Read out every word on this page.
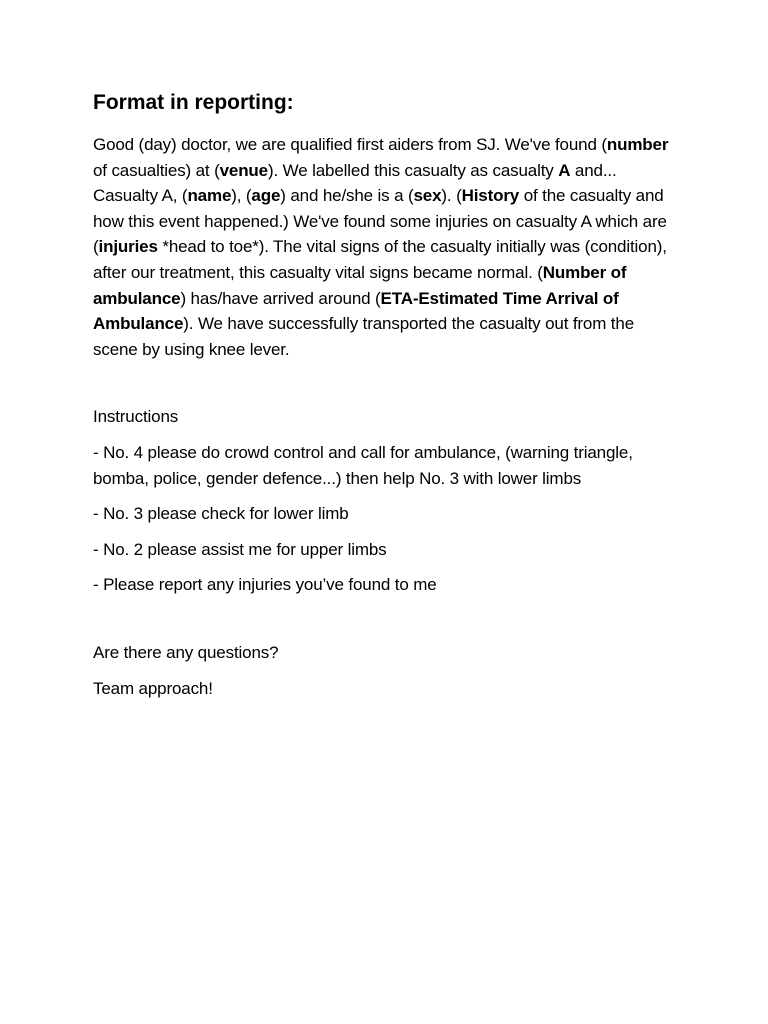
Format in reporting:

Good (day) doctor, we are qualified first aiders from SJ. We've found (number of casualties) at (venue). We labelled this casualty as casualty A and... Casualty A, (name), (age) and he/she is a (sex). (History of the casualty and how this event happened.) We've found some injuries on casualty A which are (injuries *head to toe*). The vital signs of the casualty initially was (condition), after our treatment, this casualty vital signs became normal. (Number of ambulance) has/have arrived around (ETA-Estimated Time Arrival of Ambulance). We have successfully transported the casualty out from the scene by using knee lever.

Instructions

- No. 4 please do crowd control and call for ambulance, (warning triangle, bomba, police, gender defence...) then help No. 3 with lower limbs

- No. 3 please check for lower limb

- No. 2 please assist me for upper limbs

- Please report any injuries you’ve found to me

Are there any questions?

Team approach!
